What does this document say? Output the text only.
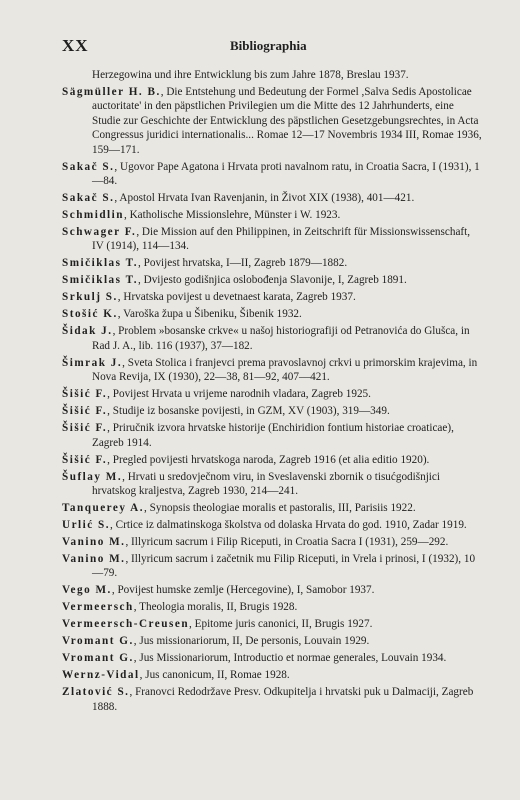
XX	Bibliographia

Herzegowina und ihre Entwicklung bis zum Jahre 1878, Breslau 1937.

Sägmüller H. B., Die Entstehung und Bedeutung der Formel ,Salva Sedis Apostolicae auctoritate' in den päpstlichen Privilegien um die Mitte des 12 Jahrhunderts, eine Studie zur Geschichte der Entwicklung des päpstlichen Gesetzgebungsrechtes, in Acta Congressus juridici internationalis... Romae 12—17 Novembris 1934 III, Romae 1936, 159—171.

Sakač S., Ugovor Pape Agatona i Hrvata proti navalnom ratu, in Croatia Sacra, I (1931), 1—84.

Sakač S., Apostol Hrvata Ivan Ravenjanin, in Život XIX (1938), 401—421.

Schmidlin, Katholische Missionslehre, Münster i W. 1923.

Schwager F., Die Mission auf den Philippinen, in Zeitschrift für Missionswissenschaft, IV (1914), 114—134.

Smičiklas T., Povijest hrvatska, I—II, Zagreb 1879—1882.

Smičiklas T., Dvijesto godišnjica oslobođenja Slavonije, I, Zagreb 1891.

Srkulj S., Hrvatska povijest u devetnaest karata, Zagreb 1937.

Stošić K., Varoška župa u Šibeniku, Šibenik 1932.

Šidak J., Problem »bosanske crkve« u našoj historiografiji od Petranovića do Glušca, in Rad J. A., lib. 116 (1937), 37—182.

Šimrak J., Sveta Stolica i franjevci prema pravoslavnoj crkvi u primorskim krajevima, in Nova Revija, IX (1930), 22—38, 81—92, 407—421.

Šišić F., Povijest Hrvata u vrijeme narodnih vladara, Zagreb 1925.

Šišić F., Studije iz bosanske povijesti, in GZM, XV (1903), 319—349.

Šišić F., Priručnik izvora hrvatske historije (Enchiridion fontium historiae croaticae), Zagreb 1914.

Šišić F., Pregled povijesti hrvatskoga naroda, Zagreb 1916 (et alia editio 1920).

Šuflay M., Hrvati u sredovječnom viru, in Sveslavenski zbornik o tisućgodišnjici hrvatskog kraljestva, Zagreb 1930, 214—241.

Tanquerey A., Synopsis theologiae moralis et pastoralis, III, Parisiis 1922.

Urlić S., Crtice iz dalmatinskoga školstva od dolaska Hrvata do god. 1910, Zadar 1919.

Vanino M., Illyricum sacrum i Filip Riceputi, in Croatia Sacra I (1931), 259—292.

Vanino M., Illyricum sacrum i začetnik mu Filip Riceputi, in Vrela i prinosi, I (1932), 10—79.

Vego M., Povijest humske zemlje (Hercegovine), I, Samobor 1937.

Vermeersch, Theologia moralis, II, Brugis 1928.

Vermeersch-Creusen, Epitome juris canonici, II, Brugis 1927.

Vromant G., Jus missionariorum, II, De personis, Louvain 1929.

Vromant G., Jus Missionariorum, Introductio et normae generales, Louvain 1934.

Wernz-Vidal, Jus canonicum, II, Romae 1928.

Zlatović S., Franovci Redodržave Presv. Odkupitelja i hrvatski puk u Dalmaciji, Zagreb 1888.
